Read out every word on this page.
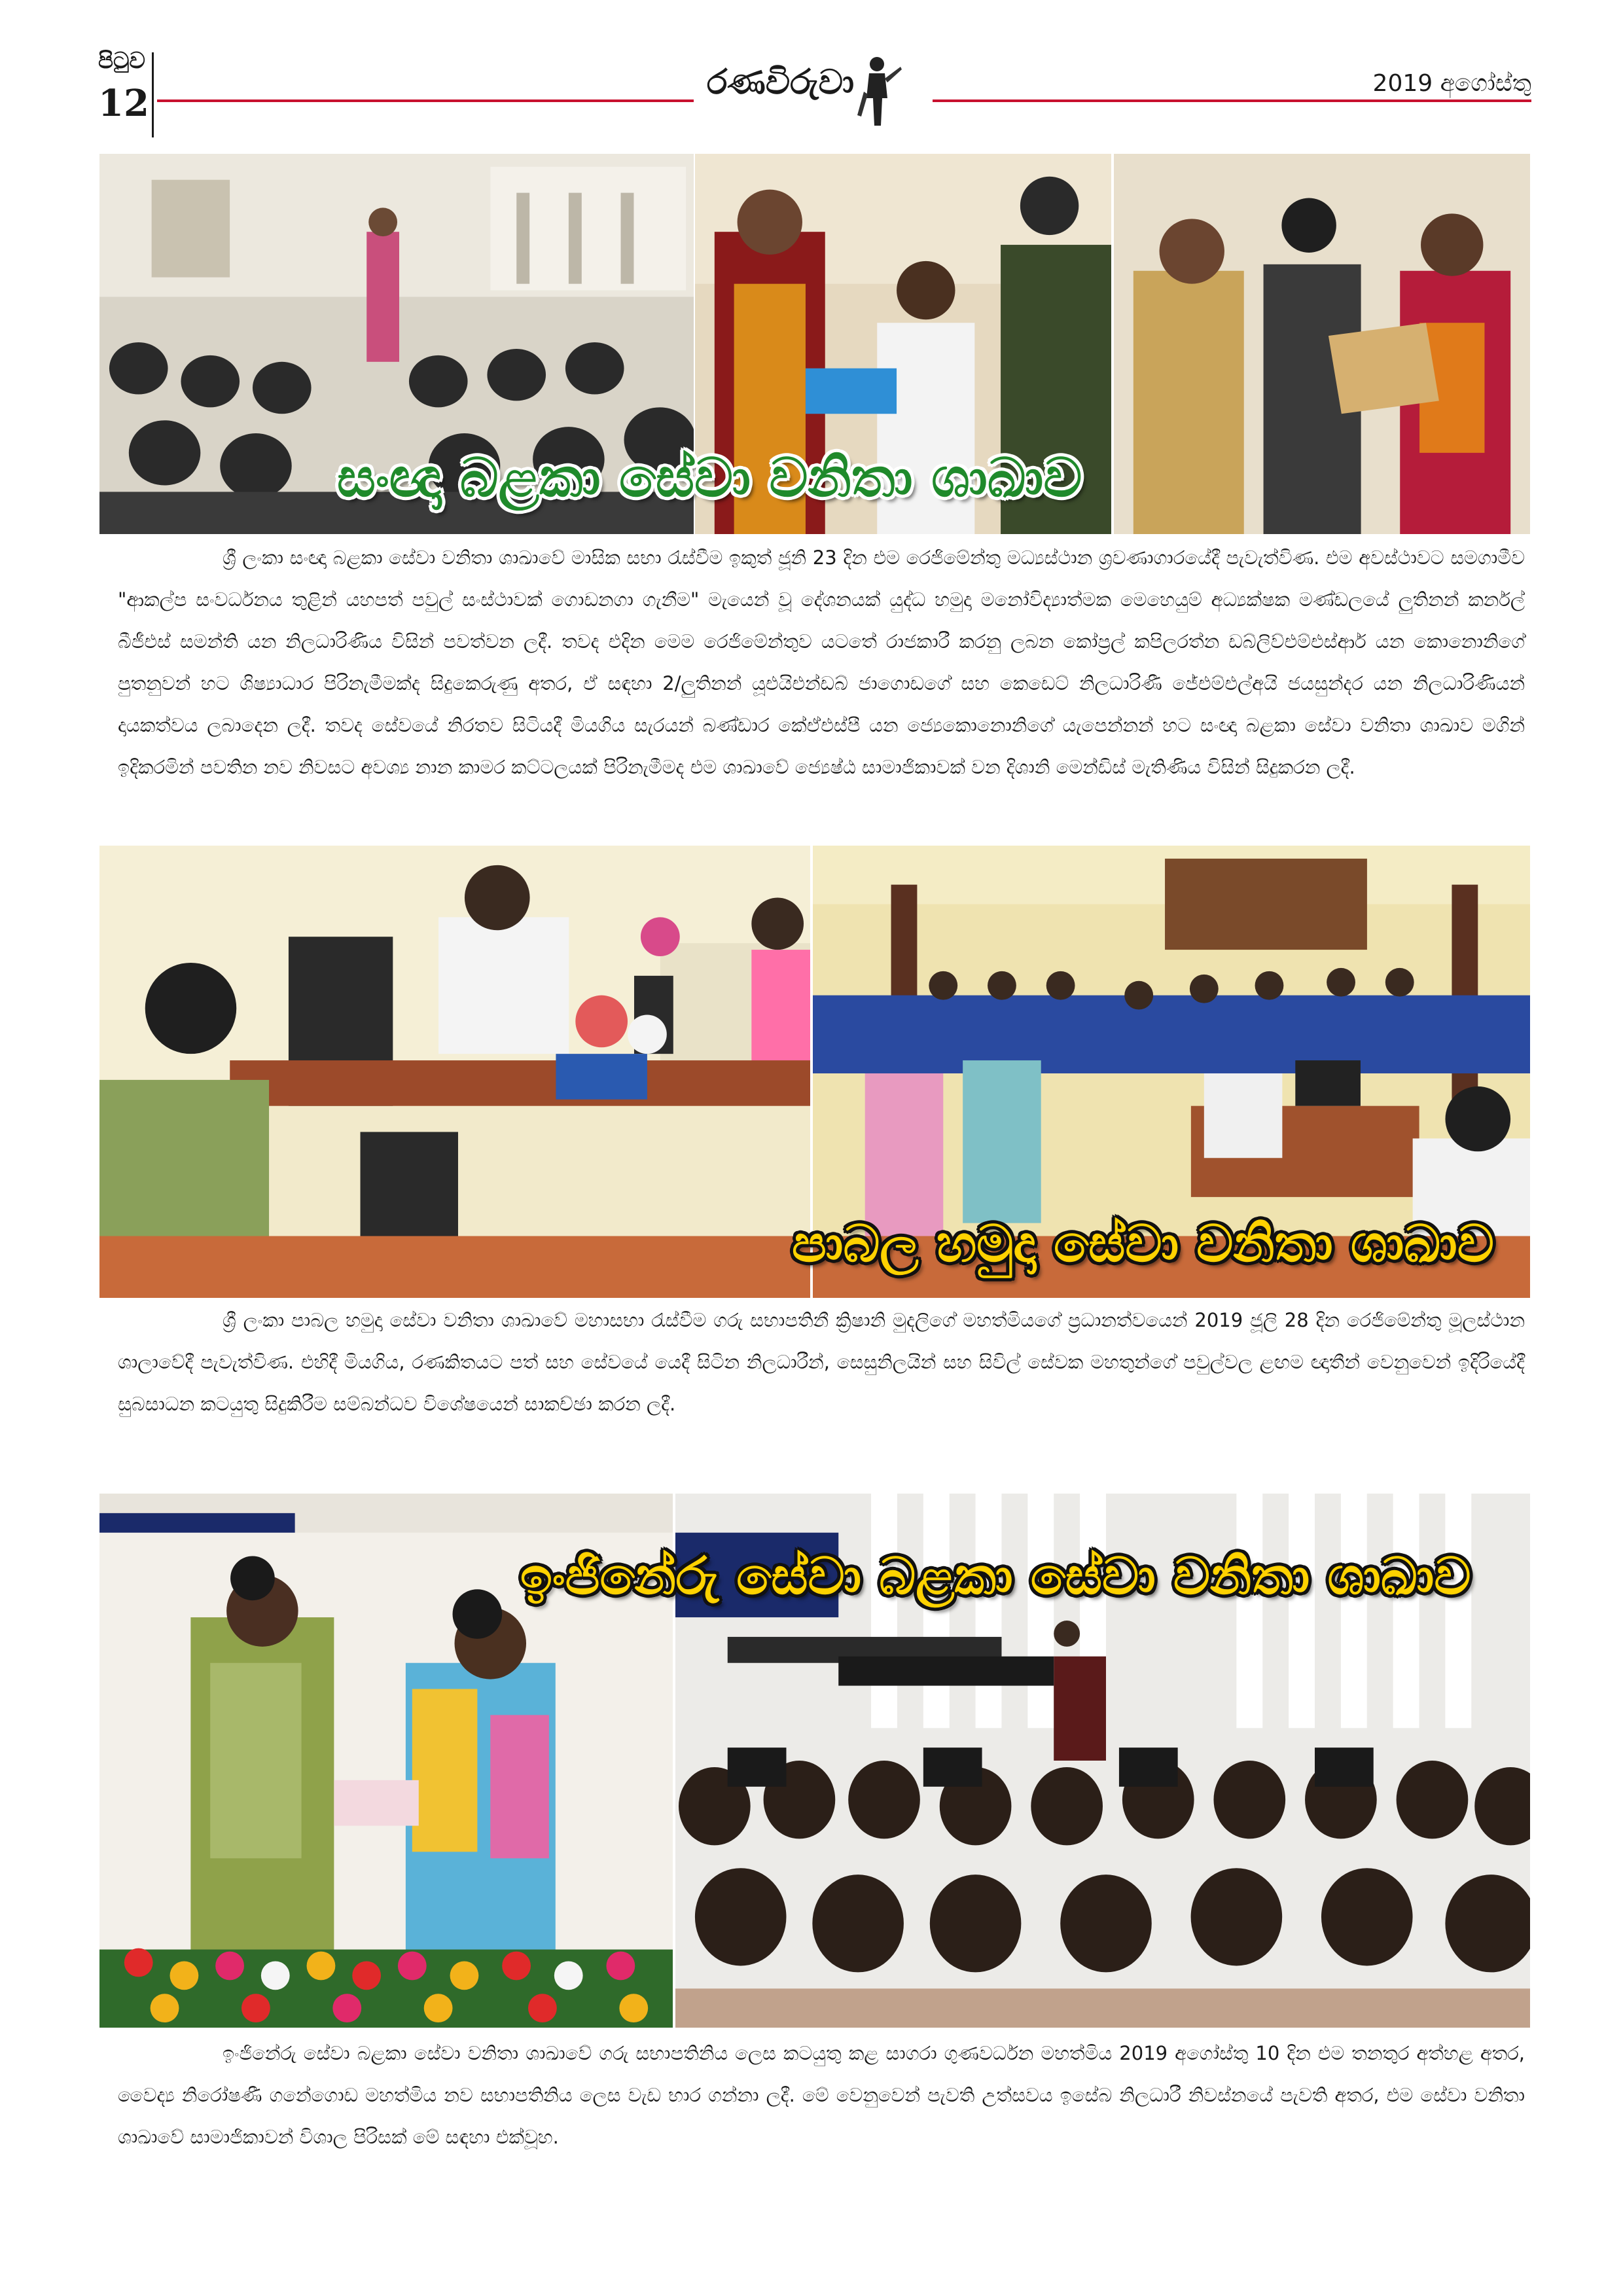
පිටුව
12	රණවිරුවා	2019 අගෝස්තු
සංඥා බළකා සේවා වනිතා ශාඛාව

ශ්‍රී ලංකා සංඥා බළකා සේවා වනිතා ශාඛාවේ මාසික සභා රැස්වීම ඉකුත් ජූනි 23 දින එම රෙජිමේන්තු මධ්‍යස්ථාන ශ්‍රවණාගාරයේදී පැවැත්විණ. එම අවස්ථාවට සමගාමීව "ආකල්ප සංවර්ධනය තුළින් යහපත් පවුල් සංස්ථාවක් ගොඩනගා ගැනීම" මැයෙන් වූ දේශනයක් යුද්ධ හමුදා මනෝවිද්‍යාත්මක මෙහෙයුම් අධ්‍යක්ෂක මණ්ඩලයේ ලුතිනන් කර්නල් බීජීඑස් සමන්ති යන නිලධාරිණිය විසින් පවත්වන ලදී. තවද එදින මෙම රෙජිමේන්තුව යටතේ රාජකාරී කරනු ලබන කෝප්‍රල් කපිලරත්න ඩබ්ලිව්එම්එස්ආර් යන කොනොනිගේ පුතනුවන් හට ශිෂ්‍යාධාර පිරිනැමීමක්ද සිදුකෙරුණු අතර, ඒ සඳහා 2/ලුතිනන් යූඑයිඑන්ඩබ් ජාගොඩගේ සහ කෙඩෙට් නිලධාරිණී ජේඑම්එල්අයි ජයසුන්දර යන නිලධාරිණියන් දායකත්වය ලබාදෙන ලදී. තවද සේවයේ නිරතව සිටියදී මියගිය සැරයන් බණ්ඩාර කේඒඑස්පී යන ජ්‍යෙ‍කොනොනිගේ යැපෙන්නන් හට සංඥා බළකා සේවා වනිතා ශාඛාව මගින් ඉදිකරමින් පවතින නව නිවසට අවශ්‍ය නාන කාමර කට්ටලයක් පිරිනැමීමද එම ශාඛාවේ ජ්‍යෙෂ්ඨ සාමාජිකාවක් වන දිශානි මෙන්ඩිස් මැතිණිය විසින් සිදුකරන ලදී.

පාබල හමුදා සේවා වනිතා ශාඛාව

ශ්‍රී ලංකා පාබල හමුදා සේවා වනිතා ශාඛාවේ මහාසභා රැස්වීම ගරු සභාපතිනී ක්‍රිෂානි මුදලිගේ මහත්මියගේ ප්‍රධානත්වයෙන් 2019 ජූලි 28 දින රෙජිමේන්තු මූලස්ථාන ශාලාවේදී පැවැත්විණ. එහිදී මියගිය, රණකිතයට පත් සහ සේවයේ යෙදී සිටින නිලධාරීන්, සෙසුනිලයින් සහ සිවිල් සේවක මහතුන්ගේ පවුල්වල ළඟම ඥාතීන් වෙනුවෙන් ඉදිරියේදී සුබසාධන කටයුතු සිදුකිරීම සම්බන්ධව විශේෂයෙන් සාකච්ඡා කරන ලදී.

ඉංජිනේරු සේවා බළකා සේවා වනිතා ශාඛාව

ඉංජිනේරු සේවා බළකා සේවා වනිතා ශාඛාවේ ගරු සභාපතිනිය ලෙස කටයුතු කළ සාගරා ගුණවර්ධන මහත්මිය 2019 අගෝස්තු 10 දින එම තනතුර අත්හළ අතර, වෛද්‍ය නිරෝෂණී ගනේගොඩ මහත්මිය නව සභාපතිනිය ලෙස වැඩ භාර ගන්නා ලදී. මේ වෙනුවෙන් පැවති උත්සවය ඉසේබ නිලධාරී නිවස්නයේ පැවති අතර, එම සේවා වනිතා ශාඛාවේ සාමාජිකාවන් විශාල පිරිසක් මේ සඳහා එක්වූහ.
